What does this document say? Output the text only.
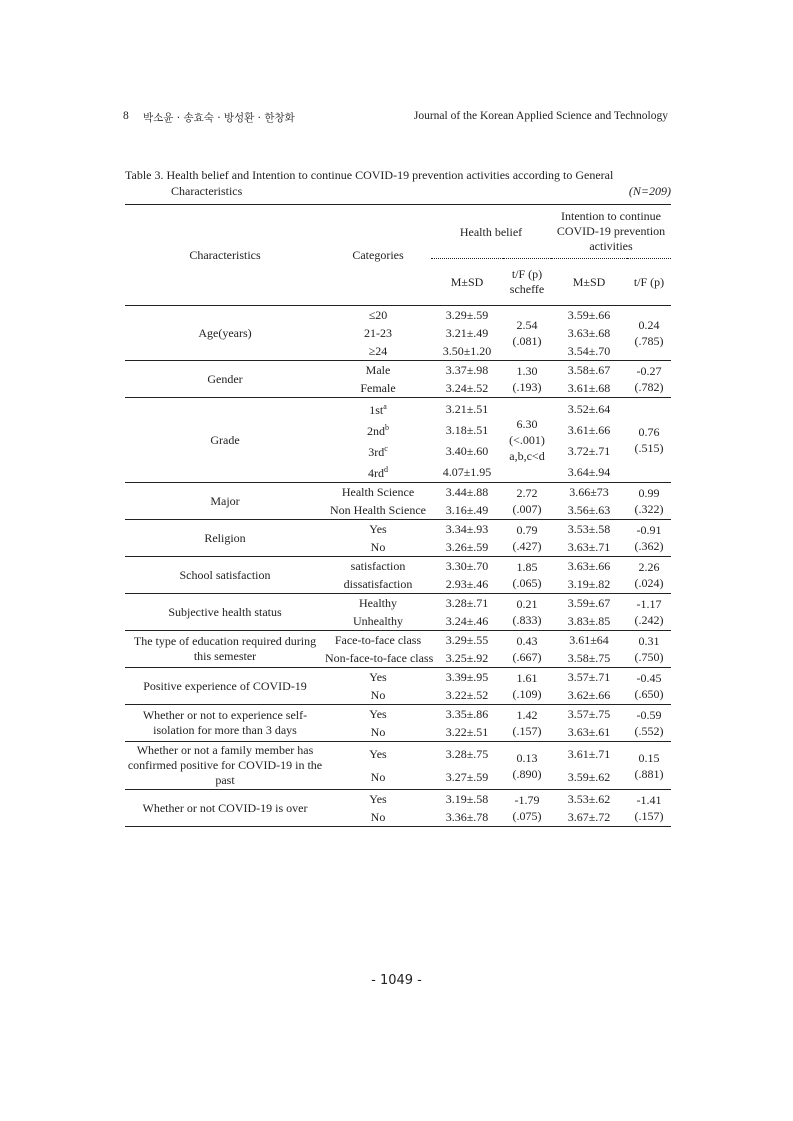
8 박소윤 · 송효숙 · 방성환 · 한창화	Journal of the Korean Applied Science and Technology
Table 3. Health belief and Intention to continue COVID-19 prevention activities according to General
Characteristics	(N=209)
Characteristics	Categories	Health belief		Intention to continue COVID-19 prevention activities	
		M±SD	t/F (p) scheffe	M±SD	t/F (p)
Age(years)	≤20	3.29±.59	2.54 (.081)	3.59±.66	0.24 (.785)
	21-23	3.21±.49		3.63±.68	
	≥24	3.50±1.20		3.54±.70	
Gender	Male	3.37±.98	1.30 (.193)	3.58±.67	-0.27 (.782)
	Female	3.24±.52		3.61±.68	
Grade	$1st^a$	3.21±.51	6.30 (<.001) a,b,c<d	3.52±.64	0.76 (.515)
	$2nd^b$	3.18±.51		3.61±.66	
	$3rd^c$	3.40±.60		3.72±.71	
	$4rd^d$	4.07±1.95		3.64±.94	
Major	Health Science	3.44±.88	2.72 (.007)	3.66±73	0.99 (.322)
	Non Health Science	3.16±.49		3.56±.63	
Religion	Yes	3.34±.93	0.79 (.427)	3.53±.58	-0.91 (.362)
	No	3.26±.59		3.63±.71	
School satisfaction	satisfaction	3.30±.70	1.85 (.065)	3.63±.66	2.26 (.024)
	dissatisfaction	2.93±.46		3.19±.82	
Subjective health status	Healthy	3.28±.71	0.21 (.833)	3.59±.67	-1.17 (.242)
	Unhealthy	3.24±.46		3.83±.85	
The type of education required during this semester	Face-to-face class	3.29±.55	0.43 (.667)	3.61±64	0.31 (.750)
	Non-face-to-face class	3.25±.92		3.58±.75	
Positive experience of COVID-19	Yes	3.39±.95	1.61 (.109)	3.57±.71	-0.45 (.650)
	No	3.22±.52		3.62±.66	
Whether or not to experience self-isolation for more than 3 days	Yes	3.35±.86	1.42 (.157)	3.57±.75	-0.59 (.552)
	No	3.22±.51		3.63±.61	
Whether or not a family member has confirmed positive for COVID-19 in the past	Yes	3.28±.75	0.13 (.890)	3.61±.71	0.15 (.881)
	No	3.27±.59		3.59±.62	
Whether or not COVID-19 is over	Yes	3.19±.58	-1.79 (.075)	3.53±.62	-1.41 (.157)
	No	3.36±.78		3.67±.72	
- 1049 -
